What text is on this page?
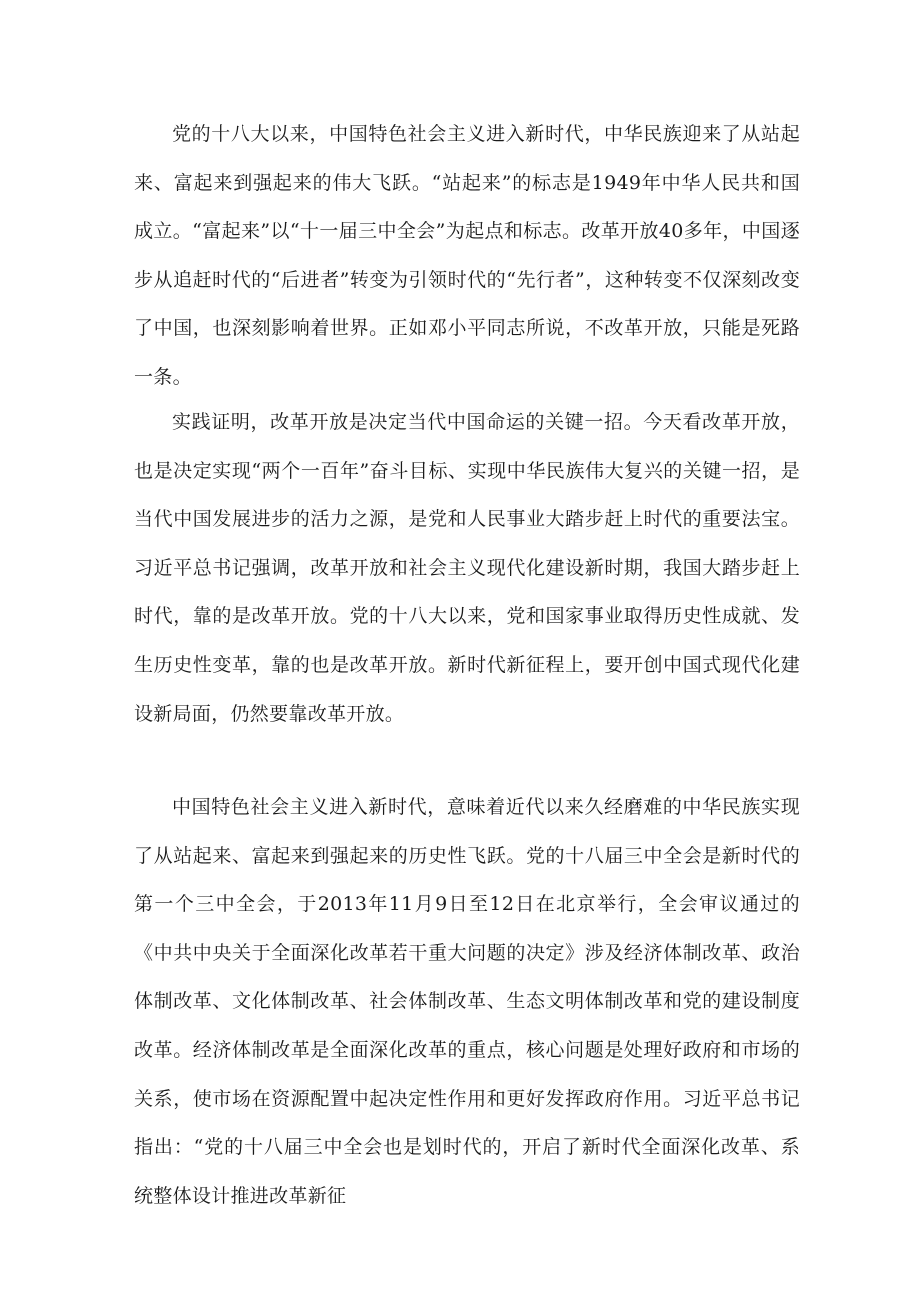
党的十八大以来，中国特色社会主义进入新时代，中华民族迎来了从站起来、富起来到强起来的伟大飞跃。“站起来”的标志是1949年中华人民共和国成立。“富起来”以“十一届三中全会”为起点和标志。改革开放40多年，中国逐步从追赶时代的“后进者”转变为引领时代的“先行者”，这种转变不仅深刻改变了中国，也深刻影响着世界。正如邓小平同志所说，不改革开放，只能是死路一条。

实践证明，改革开放是决定当代中国命运的关键一招。今天看改革开放，也是决定实现“两个一百年”奋斗目标、实现中华民族伟大复兴的关键一招，是当代中国发展进步的活力之源，是党和人民事业大踏步赶上时代的重要法宝。习近平总书记强调，改革开放和社会主义现代化建设新时期，我国大踏步赶上时代，靠的是改革开放。党的十八大以来，党和国家事业取得历史性成就、发生历史性变革，靠的也是改革开放。新时代新征程上，要开创中国式现代化建设新局面，仍然要靠改革开放。

中国特色社会主义进入新时代，意味着近代以来久经磨难的中华民族实现了从站起来、富起来到强起来的历史性飞跃。党的十八届三中全会是新时代的第一个三中全会，于2013年11月9日至12日在北京举行，全会审议通过的《中共中央关于全面深化改革若干重大问题的决定》涉及经济体制改革、政治体制改革、文化体制改革、社会体制改革、生态文明体制改革和党的建设制度改革。经济体制改革是全面深化改革的重点，核心问题是处理好政府和市场的关系，使市场在资源配置中起决定性作用和更好发挥政府作用。习近平总书记指出：“党的十八届三中全会也是划时代的，开启了新时代全面深化改革、系统整体设计推进改革新征
